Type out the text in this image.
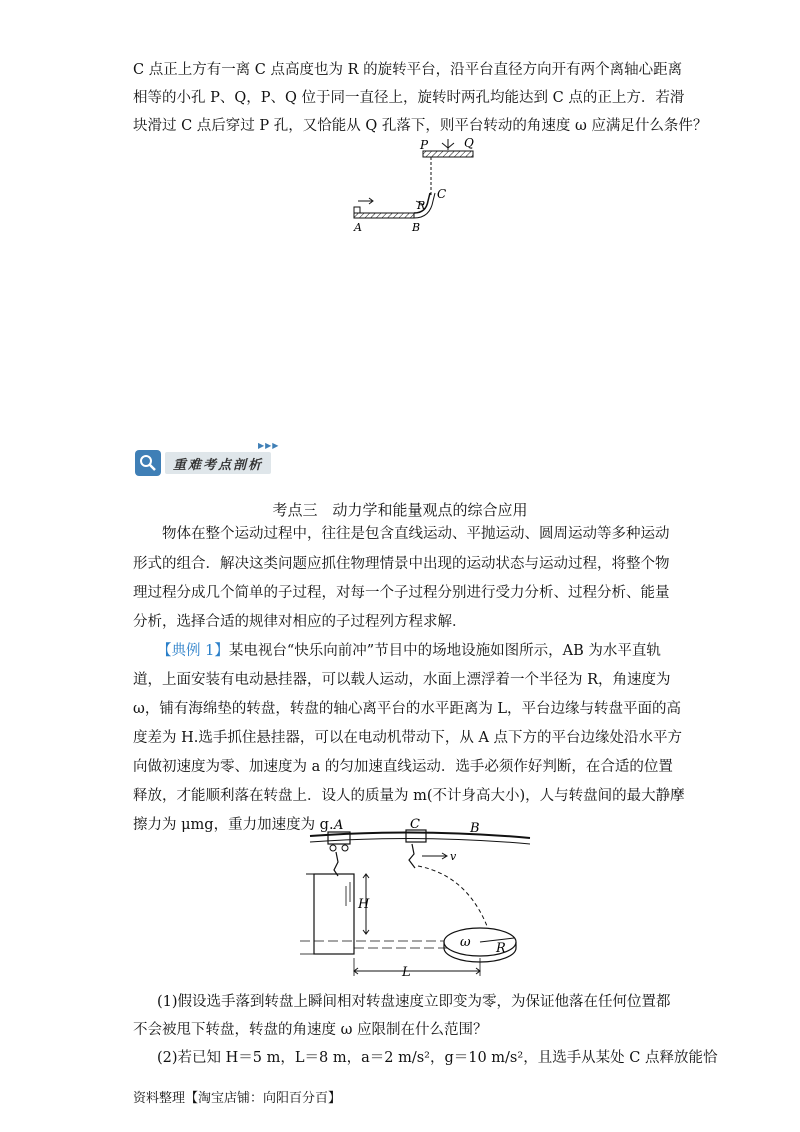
C 点正上方有一离 C 点高度也为 R 的旋转平台，沿平台直径方向开有两个离轴心距离
相等的小孔 P、Q，P、Q 位于同一直径上，旋转时两孔均能达到 C 点的正上方．若滑
块滑过 C 点后穿过 P 孔，又恰能从 Q 孔落下，则平台转动的角速度 ω 应满足什么条件？
P	Q
C
R
A	B
▶▶▶
重难考点剖析
考点三　动力学和能量观点的综合应用
物体在整个运动过程中，往往是包含直线运动、平抛运动、圆周运动等多种运动
形式的组合．解决这类问题应抓住物理情景中出现的运动状态与运动过程，将整个物
理过程分成几个简单的子过程，对每一个子过程分别进行受力分析、过程分析、能量
分析，选择合适的规律对相应的子过程列方程求解．
【典例 1】某电视台“快乐向前冲”节目中的场地设施如图所示，AB 为水平直轨
道，上面安装有电动悬挂器，可以载人运动，水面上漂浮着一个半径为 R，角速度为
ω，铺有海绵垫的转盘，转盘的轴心离平台的水平距离为 L，平台边缘与转盘平面的高
度差为 H.选手抓住悬挂器，可以在电动机带动下，从 A 点下方的平台边缘处沿水平方
向做初速度为零、加速度为 a 的匀加速直线运动．选手必须作好判断，在合适的位置
释放，才能顺利落在转盘上．设人的质量为 m(不计身高大小)，人与转盘间的最大静摩
擦力为 μmg，重力加速度为 g. A	C	B
v
H
ω R
L
(1)假设选手落到转盘上瞬间相对转盘速度立即变为零，为保证他落在任何位置都
不会被甩下转盘，转盘的角速度 ω 应限制在什么范围？
(2)若已知 H＝5 m，L＝8 m，a＝2 m/s²，g＝10 m/s²，且选手从某处 C 点释放能恰
资料整理【淘宝店铺：向阳百分百】
